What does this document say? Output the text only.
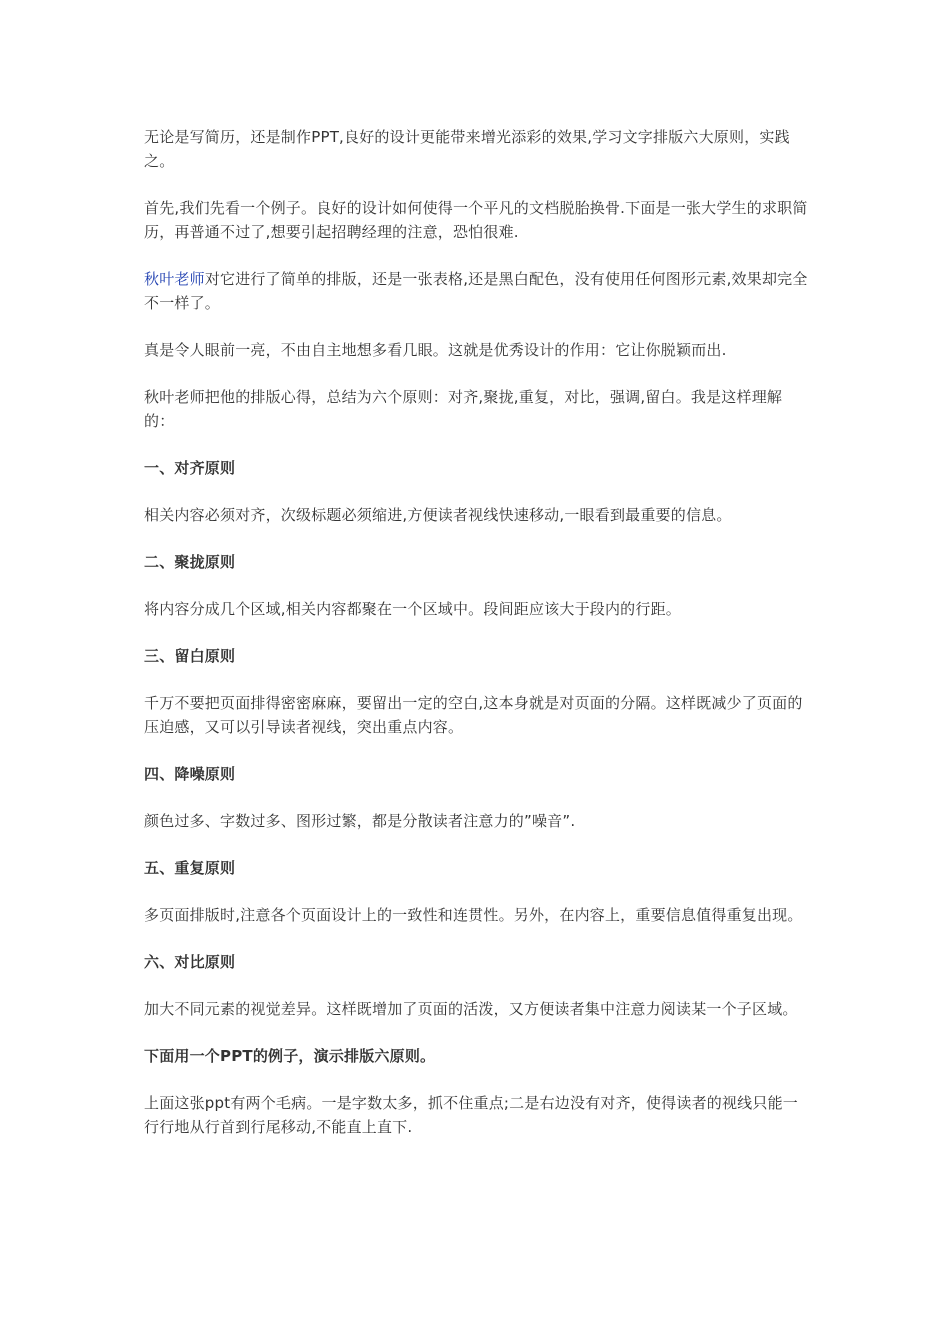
无论是写简历，还是制作PPT,良好的设计更能带来增光添彩的效果,学习文字排版六大原则，实践之。

首先,我们先看一个例子。良好的设计如何使得一个平凡的文档脱胎换骨.下面是一张大学生的求职简历，再普通不过了,想要引起招聘经理的注意，恐怕很难.

秋叶老师对它进行了简单的排版，还是一张表格,还是黑白配色，没有使用任何图形元素,效果却完全不一样了。

真是令人眼前一亮，不由自主地想多看几眼。这就是优秀设计的作用：它让你脱颖而出.

秋叶老师把他的排版心得，总结为六个原则：对齐,聚拢,重复，对比，强调,留白。我是这样理解的：

一、对齐原则

相关内容必须对齐，次级标题必须缩进,方便读者视线快速移动,一眼看到最重要的信息。

二、聚拢原则

将内容分成几个区域,相关内容都聚在一个区域中。段间距应该大于段内的行距。

三、留白原则

千万不要把页面排得密密麻麻，要留出一定的空白,这本身就是对页面的分隔。这样既减少了页面的压迫感，又可以引导读者视线，突出重点内容。

四、降噪原则

颜色过多、字数过多、图形过繁，都是分散读者注意力的”噪音”.

五、重复原则

多页面排版时,注意各个页面设计上的一致性和连贯性。另外，在内容上，重要信息值得重复出现。

六、对比原则

加大不同元素的视觉差异。这样既增加了页面的活泼，又方便读者集中注意力阅读某一个子区域。

下面用一个PPT的例子，演示排版六原则。

上面这张ppt有两个毛病。一是字数太多，抓不住重点;二是右边没有对齐，使得读者的视线只能一行行地从行首到行尾移动,不能直上直下.
